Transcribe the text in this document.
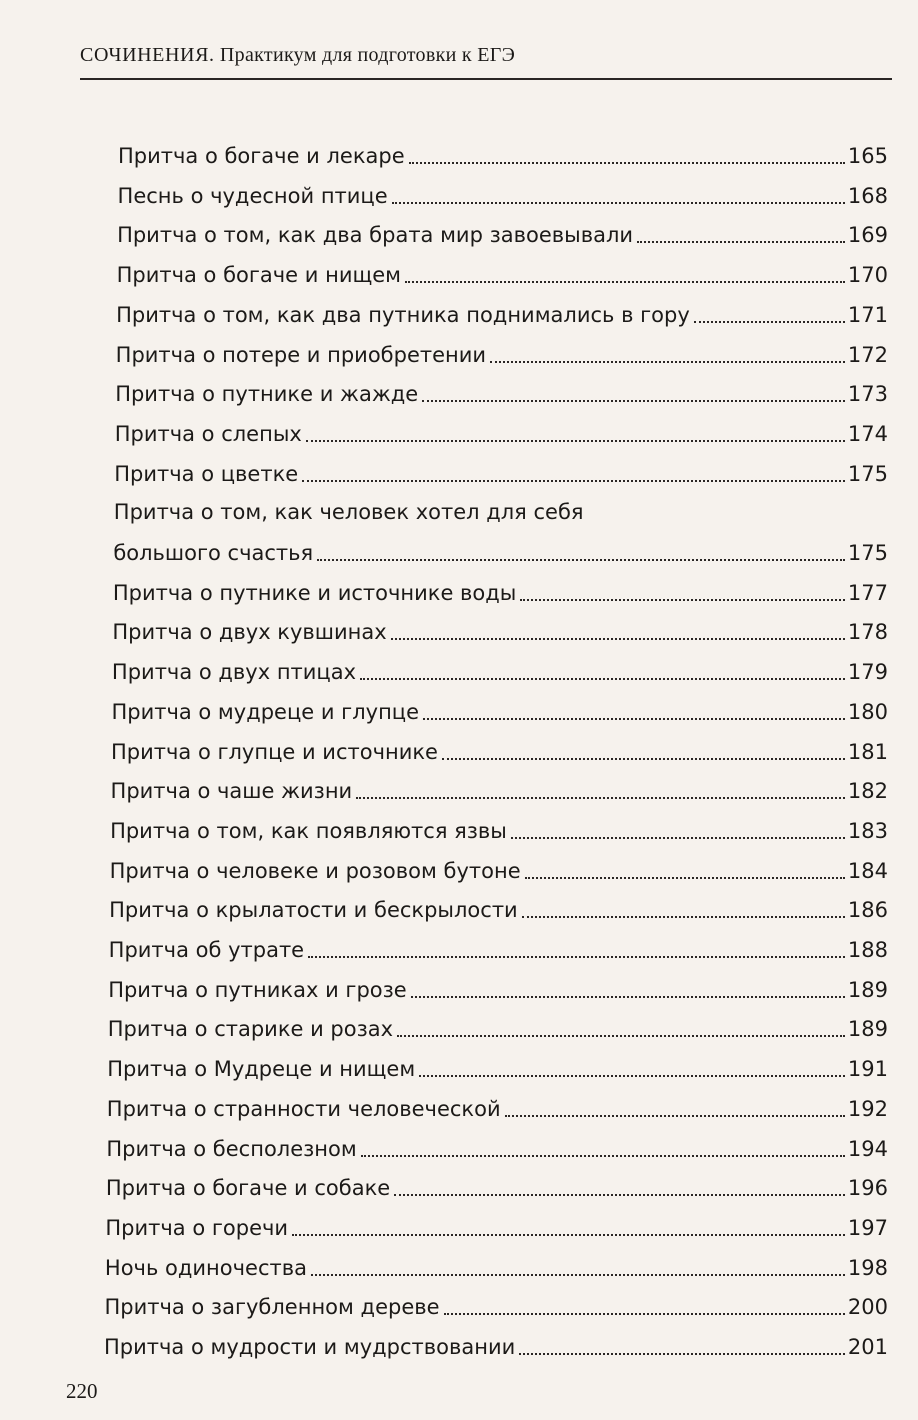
СОЧИНЕНИЯ. Практикум для подготовки к ЕГЭ
Притча о богаче и лекаре	165
Песнь о чудесной птице	168
Притча о том, как два брата мир завоевывали	169
Притча о богаче и нищем	170
Притча о том, как два путника поднимались в гору	171
Притча о потере и приобретении	172
Притча о путнике и жажде	173
Притча о слепых	174
Притча о цветке	175
Притча о том, как человек хотел для себя
большого счастья	175
Притча о путнике и источнике воды	177
Притча о двух кувшинах	178
Притча о двух птицах	179
Притча о мудреце и глупце	180
Притча о глупце и источнике	181
Притча о чаше жизни	182
Притча о том, как появляются язвы	183
Притча о человеке и розовом бутоне	184
Притча о крылатости и бескрылости	186
Притча об утрате	188
Притча о путниках и грозе	189
Притча о старике и розах	189
Притча о Мудреце и нищем	191
Притча о странности человеческой	192
Притча о бесполезном	194
Притча о богаче и собаке	196
Притча о горечи	197
Ночь одиночества	198
Притча о загубленном дереве	200
Притча о мудрости и мудрствовании	201
220
